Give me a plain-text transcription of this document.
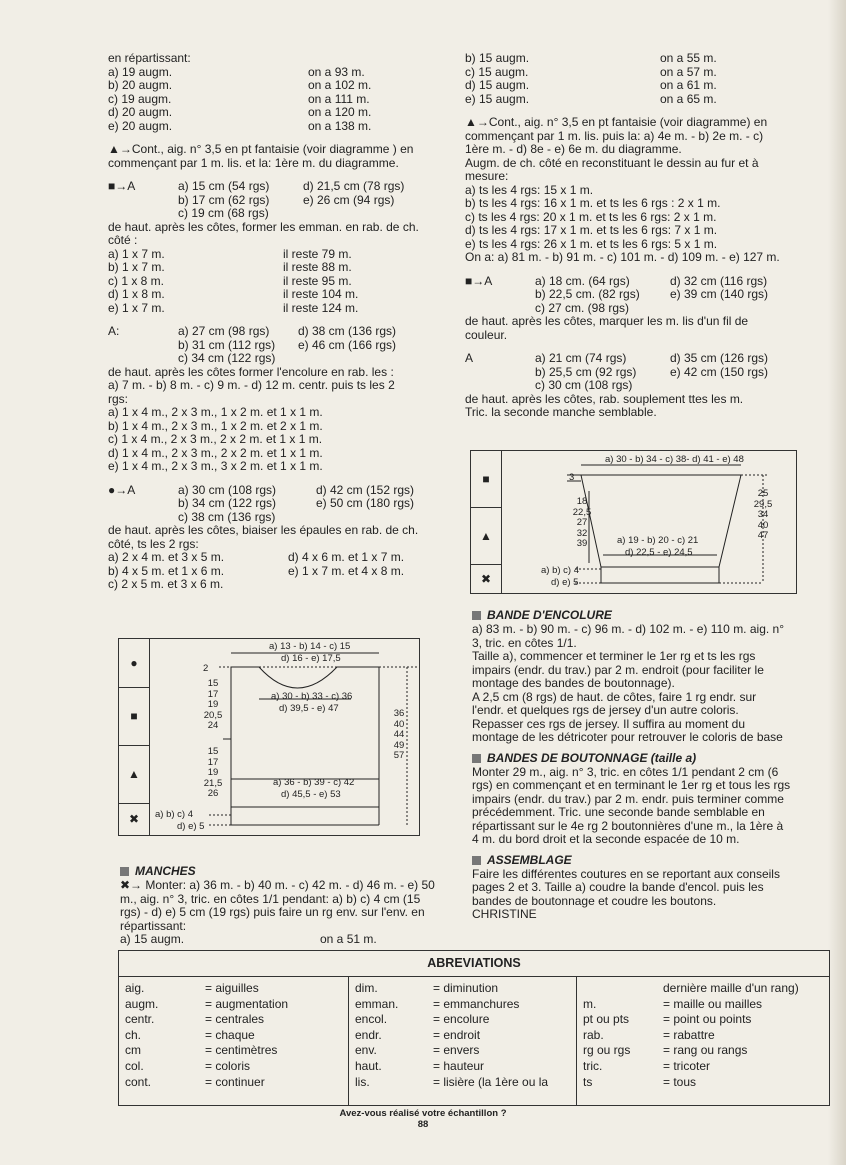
en répartissant:
a) 19 augm.	on a 93 m.
b) 20 augm.	on a 102 m.
c) 19 augm.	on a 111 m.
d) 20 augm.	on a 120 m.
e) 20 augm.	on a 138 m.
▲→Cont., aig. n° 3,5 en pt fantaisie (voir diagramme ) en
commençant par 1 m. lis. et la: 1ère m. du diagramme.
■→A	a) 15 cm (54 rgs)	d) 21,5 cm (78 rgs)
b) 17 cm (62 rgs)	e) 26 cm (94 rgs)
c) 19 cm (68 rgs)
de haut. après les côtes, former les emman. en rab. de ch.
côté :
a) 1 x 7 m.	il reste 79 m.
b) 1 x 7 m.	il reste 88 m.
c) 1 x 8 m.	il reste 95 m.
d) 1 x 8 m.	il reste 104 m.
e) 1 x 7 m.	il reste 124 m.
A:	a) 27 cm (98 rgs)	d) 38 cm (136 rgs)
b) 31 cm (112 rgs)	e) 46 cm (166 rgs)
c) 34 cm (122 rgs)
de haut. après les côtes former l'encolure en rab. les :
a) 7 m. - b) 8 m. - c) 9 m. - d) 12 m. centr. puis ts les 2
rgs:
a) 1 x 4 m., 2 x 3 m., 1 x 2 m. et 1 x 1 m.
b) 1 x 4 m., 2 x 3 m., 1 x 2 m. et 2 x 1 m.
c) 1 x 4 m., 2 x 3 m., 2 x 2 m. et 1 x 1 m.
d) 1 x 4 m., 2 x 3 m., 2 x 2 m. et 1 x 1 m.
e) 1 x 4 m., 2 x 3 m., 3 x 2 m. et 1 x 1 m.
●→A	a) 30 cm (108 rgs)	d) 42 cm (152 rgs)
b) 34 cm (122 rgs)	e) 50 cm (180 rgs)
c) 38 cm (136 rgs)
de haut. après les côtes, biaiser les épaules en rab. de ch.
côté, ts les 2 rgs:
a) 2 x 4 m. et 3 x 5 m.	d) 4 x 6 m. et 1 x 7 m.
b) 4 x 5 m. et 1 x 6 m.	e) 1 x 7 m. et 4 x 8 m.
c) 2 x 5 m. et 3 x 6 m.
●
■
▲
✖
a) 13 - b) 14 - c) 15
d) 16 - e) 17,5
2
15
17
19
20,5
24
a) 30 - b) 33 - c) 36
d) 39,5 - e) 47
15
17
19
21,5
26
a) 36 - b) 39 - c) 42
d) 45,5 - e) 53
a) b) c) 4
d) e) 5
36
40
44
49
57
MANCHES
✖→ Monter: a) 36 m. - b) 40 m. - c) 42 m. - d) 46 m. - e) 50
m., aig. n° 3, tric. en côtes 1/1 pendant: a) b) c) 4 cm (15
rgs) - d) e) 5 cm (19 rgs) puis faire un rg env. sur l'env. en
répartissant:
a) 15 augm.	on a 51 m.
b) 15 augm.	on a 55 m.
c) 15 augm.	on a 57 m.
d) 15 augm.	on a 61 m.
e) 15 augm.	on a 65 m.
▲→Cont., aig. n° 3,5 en pt fantaisie (voir diagramme) en
commençant par 1 m. lis. puis la: a) 4e m. - b) 2e m. - c)
1ère m. - d) 8e - e) 6e m. du diagramme.
Augm. de ch. côté en reconstituant le dessin au fur et à
mesure:
a) ts les 4 rgs: 15 x 1 m.
b) ts les 4 rgs: 16 x 1 m. et ts les 6 rgs : 2 x 1 m.
c) ts les 4 rgs: 20 x 1 m. et ts les 6 rgs: 2 x 1 m.
d) ts les 4 rgs: 17 x 1 m. et ts les 6 rgs: 7 x 1 m.
e) ts les 4 rgs: 26 x 1 m. et ts les 6 rgs: 5 x 1 m.
On a: a) 81 m. - b) 91 m. - c) 101 m. - d) 109 m. - e) 127 m.
■→A	a) 18 cm. (64 rgs)	d) 32 cm (116 rgs)
b) 22,5 cm. (82 rgs)	e) 39 cm (140 rgs)
c) 27 cm. (98 rgs)
de haut. après les côtes, marquer les m. lis d'un fil de
couleur.
A	a) 21 cm (74 rgs)	d) 35 cm (126 rgs)
b) 25,5 cm (92 rgs)	e) 42 cm (150 rgs)
c) 30 cm (108 rgs)
de haut. après les côtes, rab. souplement ttes les m.
Tric. la seconde manche semblable.
■
▲
✖
a) 30 - b) 34 - c) 38- d) 41 - e) 48
3
18
22,5
27
32
39
25
29,5
34
40
47
a) 19 - b) 20 - c) 21
d) 22,5 - e) 24,5
a) b) c) 4
d) e) 5
BANDE D'ENCOLURE
a) 83 m. - b) 90 m. - c) 96 m. - d) 102 m. - e) 110 m. aig. n°
3, tric. en côtes 1/1.
Taille a), commencer et terminer le 1er rg et ts les rgs
impairs (endr. du trav.) par 2 m. endroit (pour faciliter le
montage des bandes de boutonnage).
A 2,5 cm (8 rgs) de haut. de côtes, faire 1 rg endr. sur
l'endr. et quelques rgs de jersey d'un autre coloris.
Repasser ces rgs de jersey. Il suffira au moment du
montage de les détricoter pour retrouver le coloris de base
BANDES DE BOUTONNAGE (taille a)
Monter 29 m., aig. n° 3, tric. en côtes 1/1 pendant 2 cm (6
rgs) en commençant et en terminant le 1er rg et tous les rgs
impairs (endr. du trav.) par 2 m. endr. puis terminer comme
précédemment. Tric. une seconde bande semblable en
répartissant sur le 4e rg 2 boutonnières d'une m., la 1ère à
4 m. du bord droit et la seconde espacée de 10 m.
ASSEMBLAGE
Faire les différentes coutures en se reportant aux conseils
pages 2 et 3. Taille a) coudre la bande d'encol. puis les
bandes de boutonnage et coudre les boutons.
CHRISTINE
ABREVIATIONS
aig.	= aiguilles
augm.	= augmentation
centr.	= centrales
ch.	= chaque
cm	= centimètres
col.	= coloris
cont.	= continuer
dim.	= diminution
emman.	= emmanchures
encol.	= encolure
endr.	= endroit
env.	= envers
haut.	= hauteur
lis.	= lisière (la 1ère ou la
dernière maille d'un rang)
m.	= maille ou mailles
pt ou pts	= point ou points
rab.	= rabattre
rg ou rgs	= rang ou rangs
tric.	= tricoter
ts	= tous
Avez-vous réalisé votre échantillon ?
88
